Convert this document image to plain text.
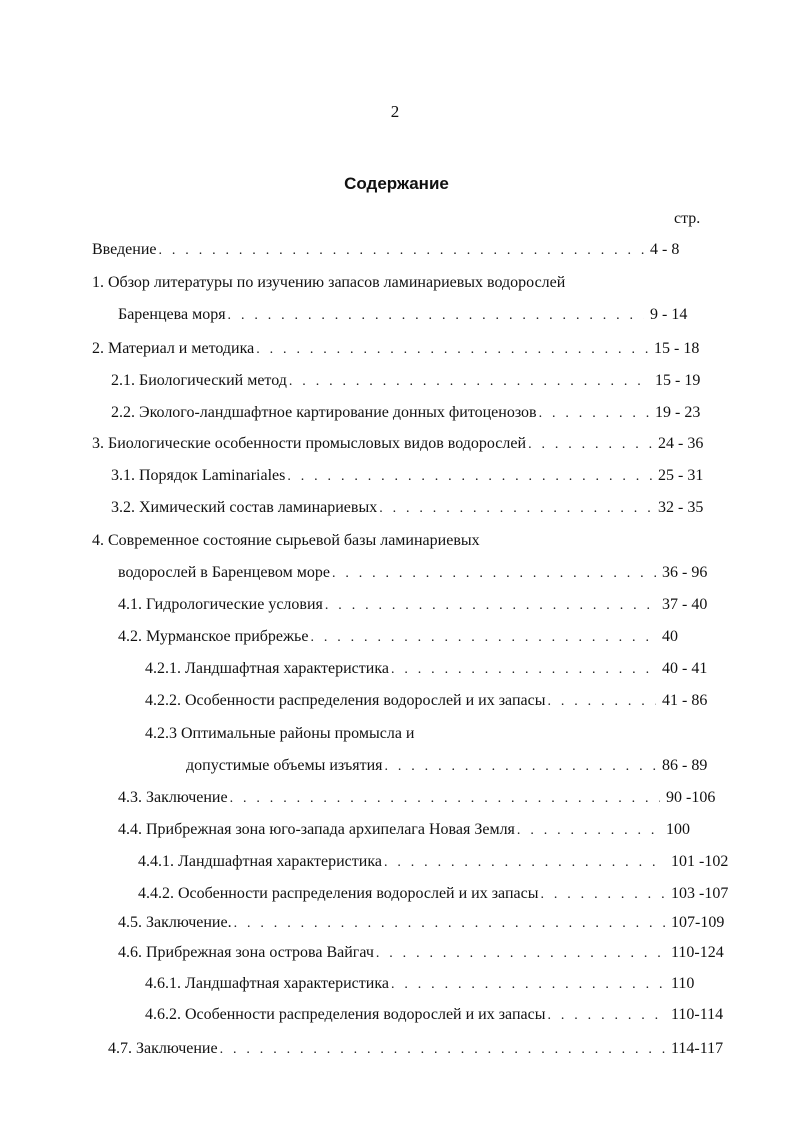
2
Содержание
стр.
Введение . . .	4 - 8
1. Обзор литературы по изучению запасов ламинариевых водорослей
Баренцева моря . . .	9 - 14
2. Материал и методика . . .	15 - 18
2.1. Биологический метод . . .	15 - 19
2.2. Эколого-ландшафтное картирование донных фитоценозов . . .	19 - 23
3. Биологические особенности промысловых видов водорослей . . .	24 - 36
3.1. Порядок Laminariales . . .	25 - 31
3.2. Химический состав ламинариевых . . .	32 - 35
4. Современное состояние сырьевой базы ламинариевых
водорослей в Баренцевом море . . .	36 - 96
4.1. Гидрологические условия . . .	37 - 40
4.2. Мурманское прибрежье . . .	40
4.2.1. Ландшафтная характеристика . . .	40 - 41
4.2.2. Особенности распределения водорослей и их запасы . . .	41 - 86
4.2.3 Оптимальные районы промысла и
допустимые объемы изъятия . . .	86 - 89
4.3. Заключение . . .	90 -106
4.4. Прибрежная зона юго-запада архипелага Новая Земля . . .	100
4.4.1. Ландшафтная характеристика . . .	101 -102
4.4.2. Особенности распределения водорослей и их запасы . . .	103 -107
4.5. Заключение. . . .	107-109
4.6. Прибрежная зона острова Вайгач . . .	110-124
4.6.1. Ландшафтная характеристика . . .	110
4.6.2. Особенности распределения водорослей и их запасы . . .	110-114
4.7. Заключение . . .	114-117
